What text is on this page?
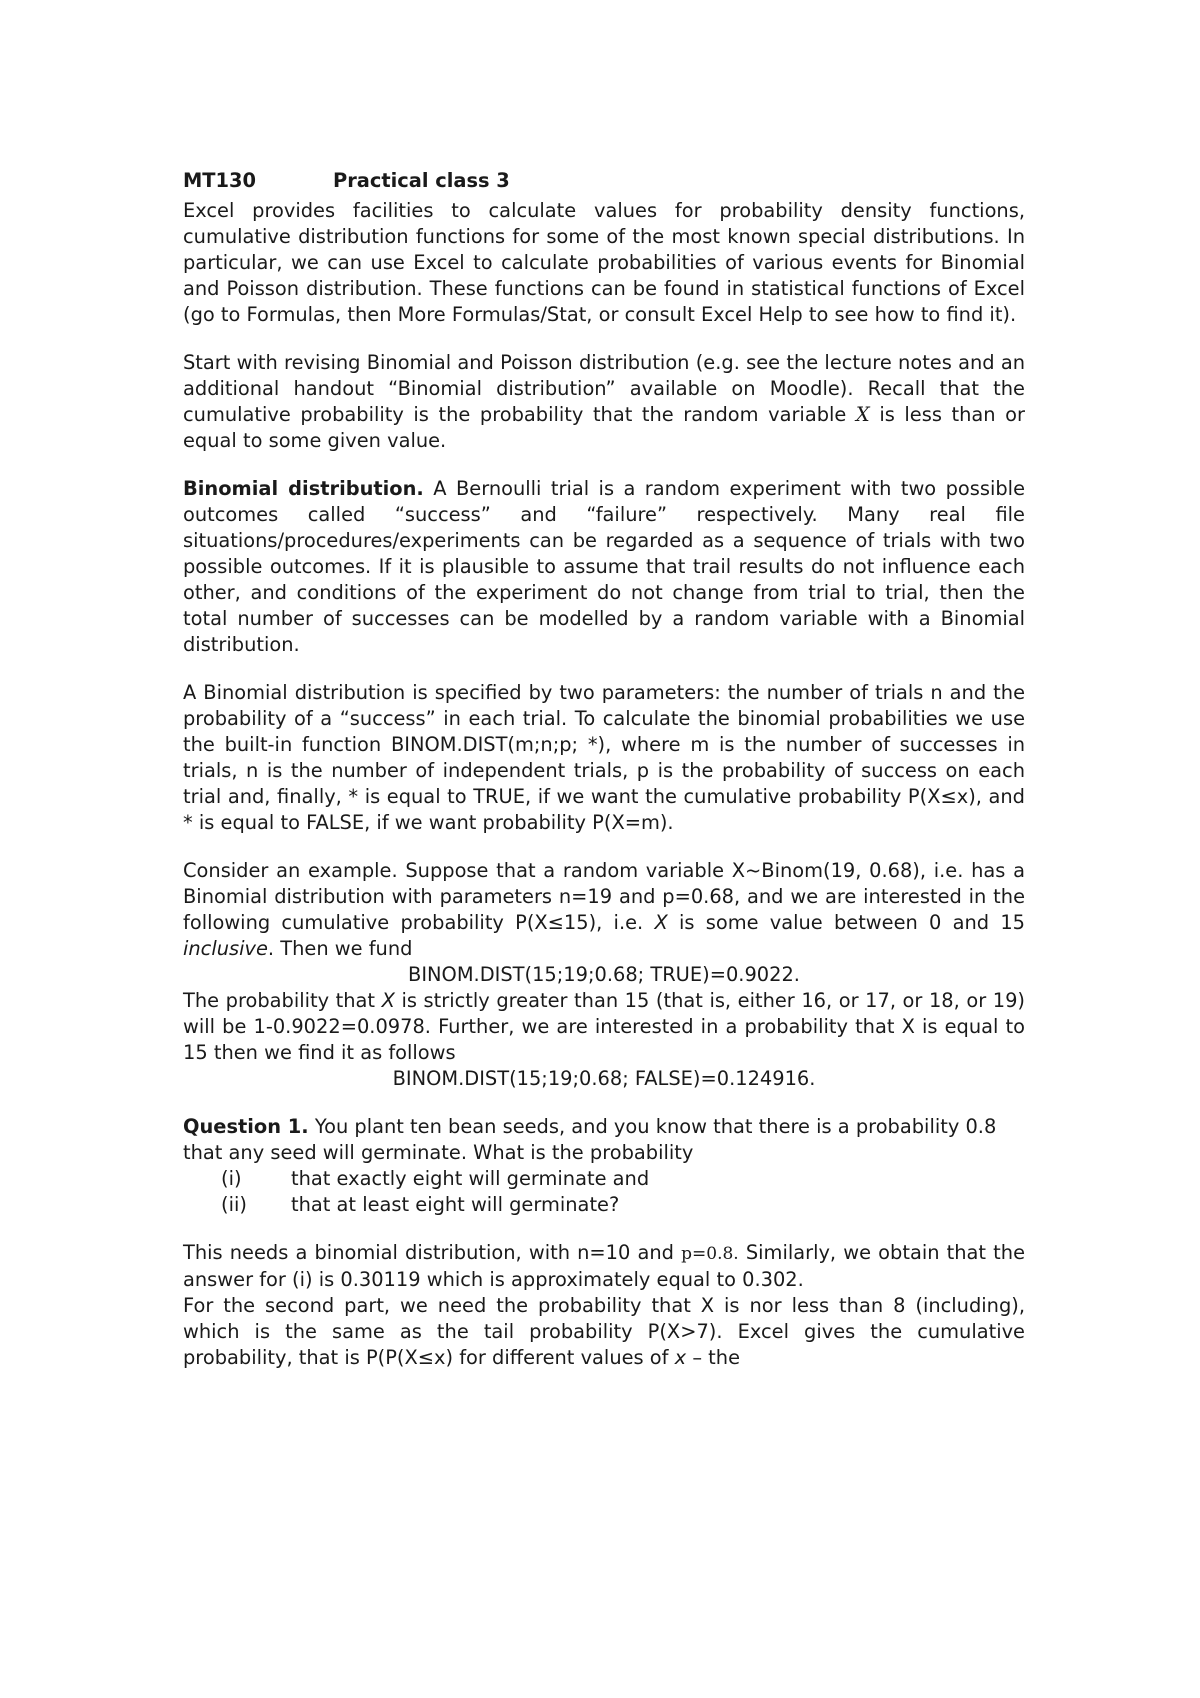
MT130	Practical class 3

Excel provides facilities to calculate values for probability density functions, cumulative distribution functions for some of the most known special distributions. In particular, we can use Excel to calculate probabilities of various events for Binomial and Poisson distribution. These functions can be found in statistical functions of Excel (go to Formulas, then More Formulas/Stat, or consult Excel Help to see how to find it).

Start with revising Binomial and Poisson distribution (e.g. see the lecture notes and an additional handout “Binomial distribution” available on Moodle). Recall that the cumulative probability is the probability that the random variable X is less than or equal to some given value.

Binomial distribution. A Bernoulli trial is a random experiment with two possible outcomes called “success” and “failure” respectively. Many real file situations/procedures/experiments can be regarded as a sequence of trials with two possible outcomes. If it is plausible to assume that trail results do not influence each other, and conditions of the experiment do not change from trial to trial, then the total number of successes can be modelled by a random variable with a Binomial distribution.

A Binomial distribution is specified by two parameters: the number of trials n and the probability of a “success” in each trial. To calculate the binomial probabilities we use the built-in function BINOM.DIST(m;n;p; *), where m is the number of successes in trials, n is the number of independent trials, p is the probability of success on each trial and, finally, * is equal to TRUE, if we want the cumulative probability P(X≤x), and * is equal to FALSE, if we want probability P(X=m).

Consider an example. Suppose that a random variable X~Binom(19, 0.68), i.e. has a Binomial distribution with parameters n=19 and p=0.68, and we are interested in the following cumulative probability P(X≤15), i.e. X is some value between 0 and 15 inclusive. Then we fund

BINOM.DIST(15;19;0.68; TRUE)=0.9022.

The probability that X is strictly greater than 15 (that is, either 16, or 17, or 18, or 19) will be 1-0.9022=0.0978. Further, we are interested in a probability that X is equal to 15 then we find it as follows

BINOM.DIST(15;19;0.68; FALSE)=0.124916.

Question 1. You plant ten bean seeds, and you know that there is a probability 0.8 that any seed will germinate. What is the probability

(i)	that exactly eight will germinate and
(ii)	that at least eight will germinate?

This needs a binomial distribution, with n=10 and p=0.8. Similarly, we obtain that the answer for (i) is 0.30119 which is approximately equal to 0.302.

For the second part, we need the probability that X is nor less than 8 (including), which is the same as the tail probability P(X>7). Excel gives the cumulative probability, that is P(P(X≤x) for different values of x – the
